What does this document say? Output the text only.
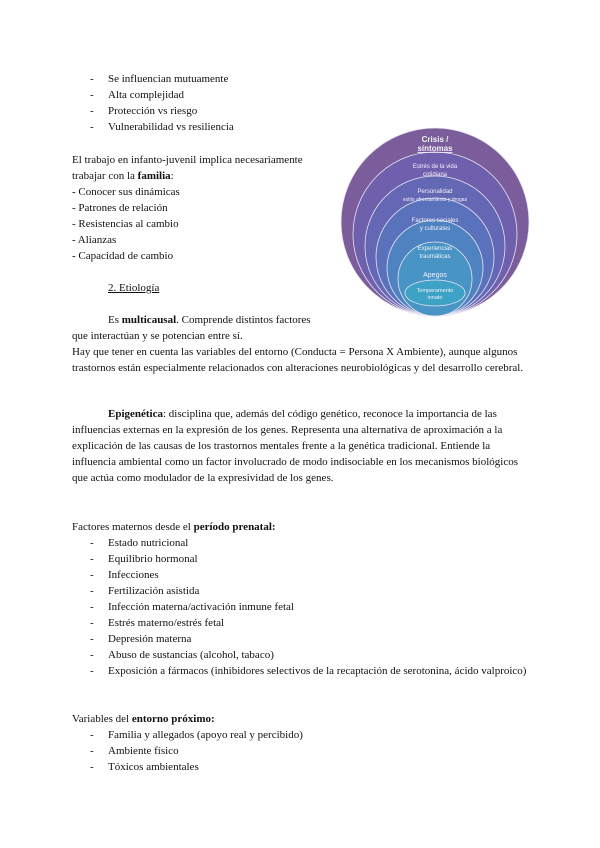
- Se influencian mutuamente
- Alta complejidad
- Protección vs riesgo
- Vulnerabilidad vs resiliencia

El trabajo en infanto-juvenil implica necesariamente trabajar con la familia:

- Conocer sus dinámicas

- Patrones de relación

- Resistencias al cambio

- Alianzas

- Capacidad de cambio

Crisis /
síntomas
Estrés de la vida
cotidiana
Personalidad
estilo afrontamiento y drogas
Factores sociales
y culturales
Experiencias
traumáticas
Apegos
Temperamento
innato

2. Etiología

Es multicausal. Comprende distintos factores

que interactúan y se potencian entre sí.

Hay que tener en cuenta las variables del entorno (Conducta = Persona X Ambiente), aunque algunos trastornos están especialmente relacionados con alteraciones neurobiológicas y del desarrollo cerebral.

Epigenética: disciplina que, además del código genético, reconoce la importancia de las influencias externas en la expresión de los genes. Representa una alternativa de aproximación a la explicación de las causas de los trastornos mentales frente a la genética tradicional. Entiende la influencia ambiental como un factor involucrado de modo indisociable en los mecanismos biológicos que actúa como modulador de la expresividad de los genes.

Factores maternos desde el período prenatal:

- Estado nutricional
- Equilibrio hormonal
- Infecciones
- Fertilización asistida
- Infección materna/activación inmune fetal
- Estrés materno/estrés fetal
- Depresión materna
- Abuso de sustancias (alcohol, tabaco)
- Exposición a fármacos (inhibidores selectivos de la recaptación de serotonina, ácido valproico)

Variables del entorno próximo:

- Familia y allegados (apoyo real y percibido)
- Ambiente físico
- Tóxicos ambientales
